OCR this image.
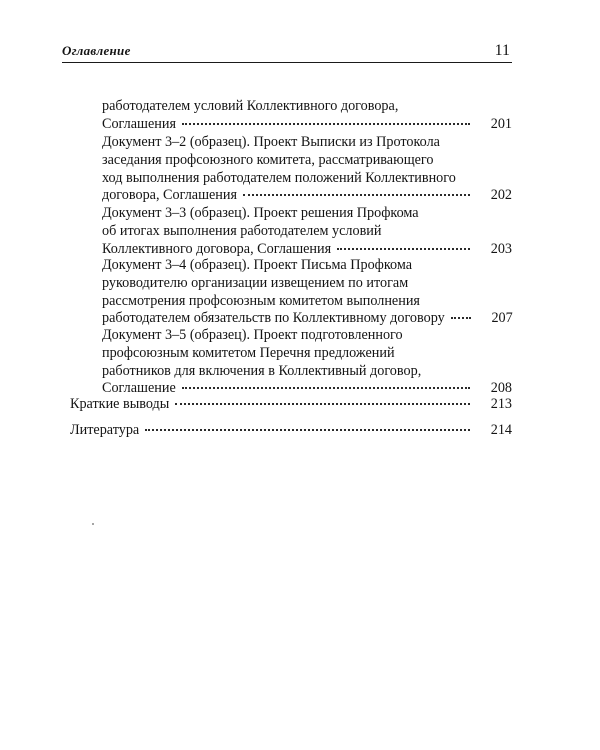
Оглавление	11
работодателем условий Коллективного договора,
Соглашения	201
Документ 3–2 (образец). Проект Выписки из Протокола
заседания профсоюзного комитета, рассматривающего
ход выполнения работодателем положений Коллективного
договора, Соглашения	202
Документ 3–3 (образец). Проект решения Профкома
об итогах выполнения работодателем условий
Коллективного договора, Соглашения	203
Документ 3–4 (образец). Проект Письма Профкома
руководителю организации извещением по итогам
рассмотрения профсоюзным комитетом выполнения
работодателем обязательств по Коллективному договору	207
Документ 3–5 (образец). Проект подготовленного
профсоюзным комитетом Перечня предложений
работников для включения в Коллективный договор,
Соглашение	208
Краткие выводы	213
Литература	214
